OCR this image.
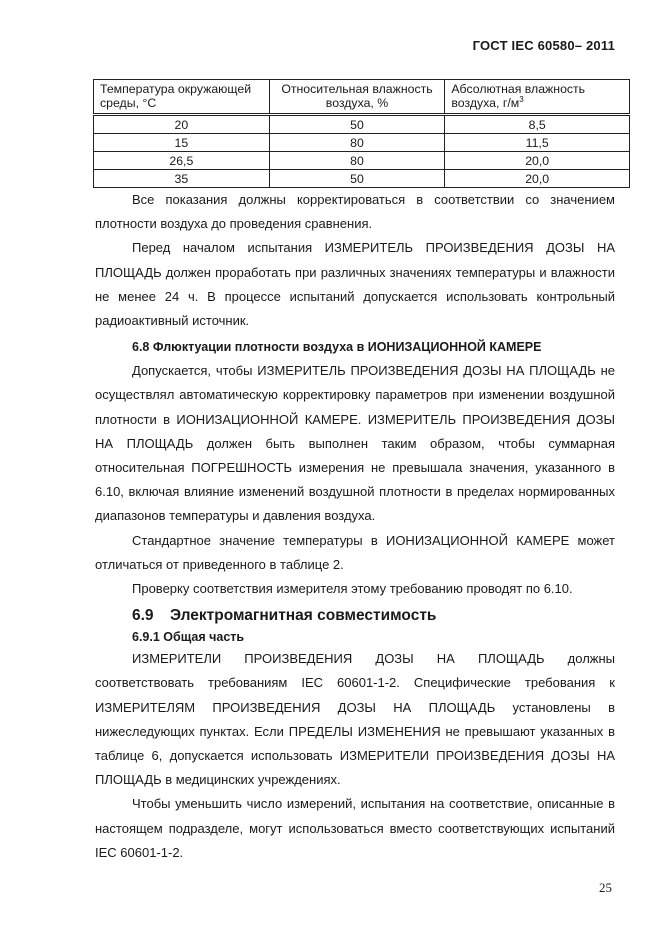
ГОСТ IEC 60580– 2011
Температура окружающей среды, °С	Относительная влажность воздуха, %	Абсолютная влажность воздуха, $г/м^3$
20	50	8,5
15	80	11,5
26,5	80	20,0
35	50	20,0

Все показания должны корректироваться в соответствии со значением плотности воздуха до проведения сравнения.

Перед началом испытания ИЗМЕРИТЕЛЬ ПРОИЗВЕДЕНИЯ ДОЗЫ НА ПЛОЩАДЬ должен проработать при различных значениях температуры и влажности не менее 24 ч. В процессе испытаний допускается использовать контрольный радиоактивный источник.

6.8 Флюктуации плотности воздуха в ИОНИЗАЦИОННОЙ КАМЕРЕ

Допускается, чтобы ИЗМЕРИТЕЛЬ ПРОИЗВЕДЕНИЯ ДОЗЫ НА ПЛОЩАДЬ не осуществлял автоматическую корректировку параметров при изменении воздушной плотности в ИОНИЗАЦИОННОЙ КАМЕРЕ. ИЗМЕРИТЕЛЬ ПРОИЗВЕДЕНИЯ ДОЗЫ НА ПЛОЩАДЬ должен быть выполнен таким образом, чтобы суммарная относительная ПОГРЕШНОСТЬ измерения не превышала значения, указанного в 6.10, включая влияние изменений воздушной плотности в пределах нормированных диапазонов температуры и давления воздуха.

Стандартное значение температуры в ИОНИЗАЦИОННОЙ КАМЕРЕ может отличаться от приведенного в таблице 2.

Проверку соответствия измерителя этому требованию проводят по 6.10.

6.9 Электромагнитная совместимость
6.9.1 Общая часть

ИЗМЕРИТЕЛИ ПРОИЗВЕДЕНИЯ ДОЗЫ НА ПЛОЩАДЬ должны соответствовать требованиям IEC 60601-1-2. Специфические требования к ИЗМЕРИТЕЛЯМ ПРОИЗВЕДЕНИЯ ДОЗЫ НА ПЛОЩАДЬ установлены в нижеследующих пунктах. Если ПРЕДЕЛЫ ИЗМЕНЕНИЯ не превышают указанных в таблице 6, допускается использовать ИЗМЕРИТЕЛИ ПРОИЗВЕДЕНИЯ ДОЗЫ НА ПЛОЩАДЬ в медицинских учреждениях.

Чтобы уменьшить число измерений, испытания на соответствие, описанные в настоящем подразделе, могут использоваться вместо соответствующих испытаний IEC 60601-1-2.

25
